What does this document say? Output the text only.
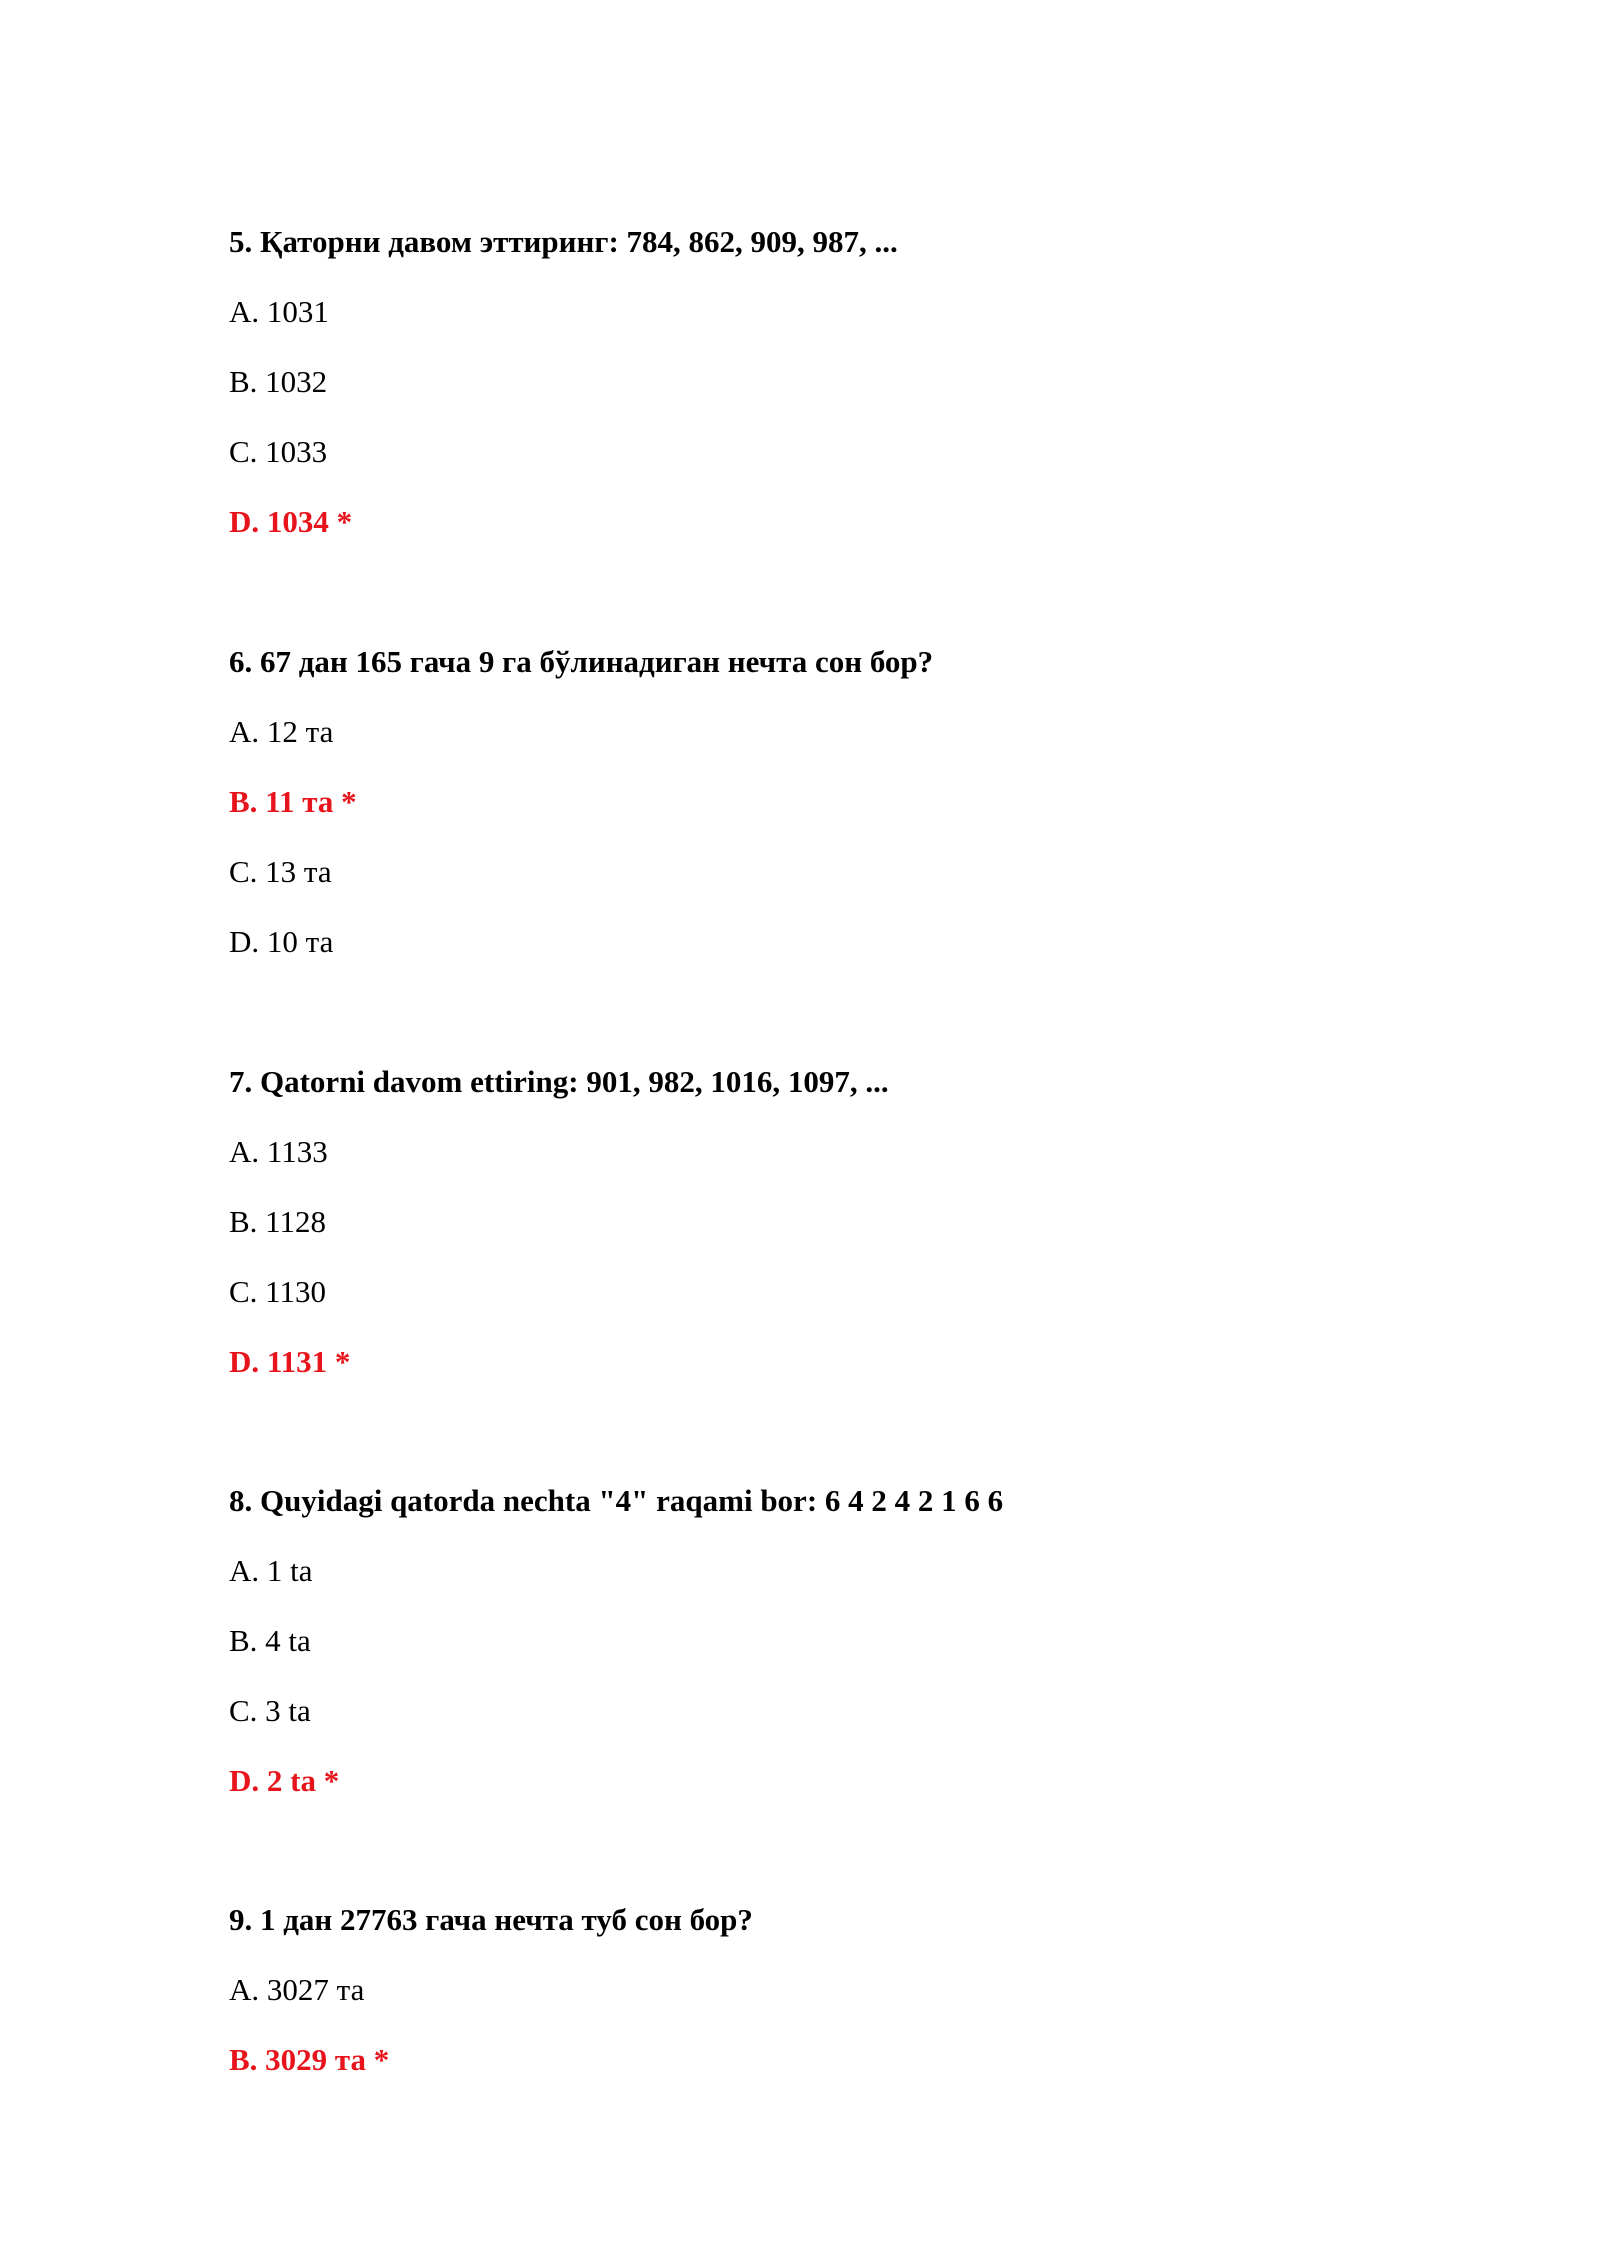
5. Қаторни давом эттиринг: 784, 862, 909, 987, ...
A. 1031
B. 1032
C. 1033
D. 1034 *
6. 67 дан 165 гача 9 га бўлинадиган нечта сон бор?
A. 12 та
B. 11 та *
C. 13 та
D. 10 та
7. Qatorni davom ettiring: 901, 982, 1016, 1097, ...
A. 1133
B. 1128
C. 1130
D. 1131 *
8. Quyidagi qatorda nechta "4" raqami bor: 6 4 2 4 2 1 6 6
A. 1 ta
B. 4 ta
C. 3 ta
D. 2 ta *
9. 1 дан 27763 гача нечта туб сон бор?
A. 3027 та
B. 3029 та *
